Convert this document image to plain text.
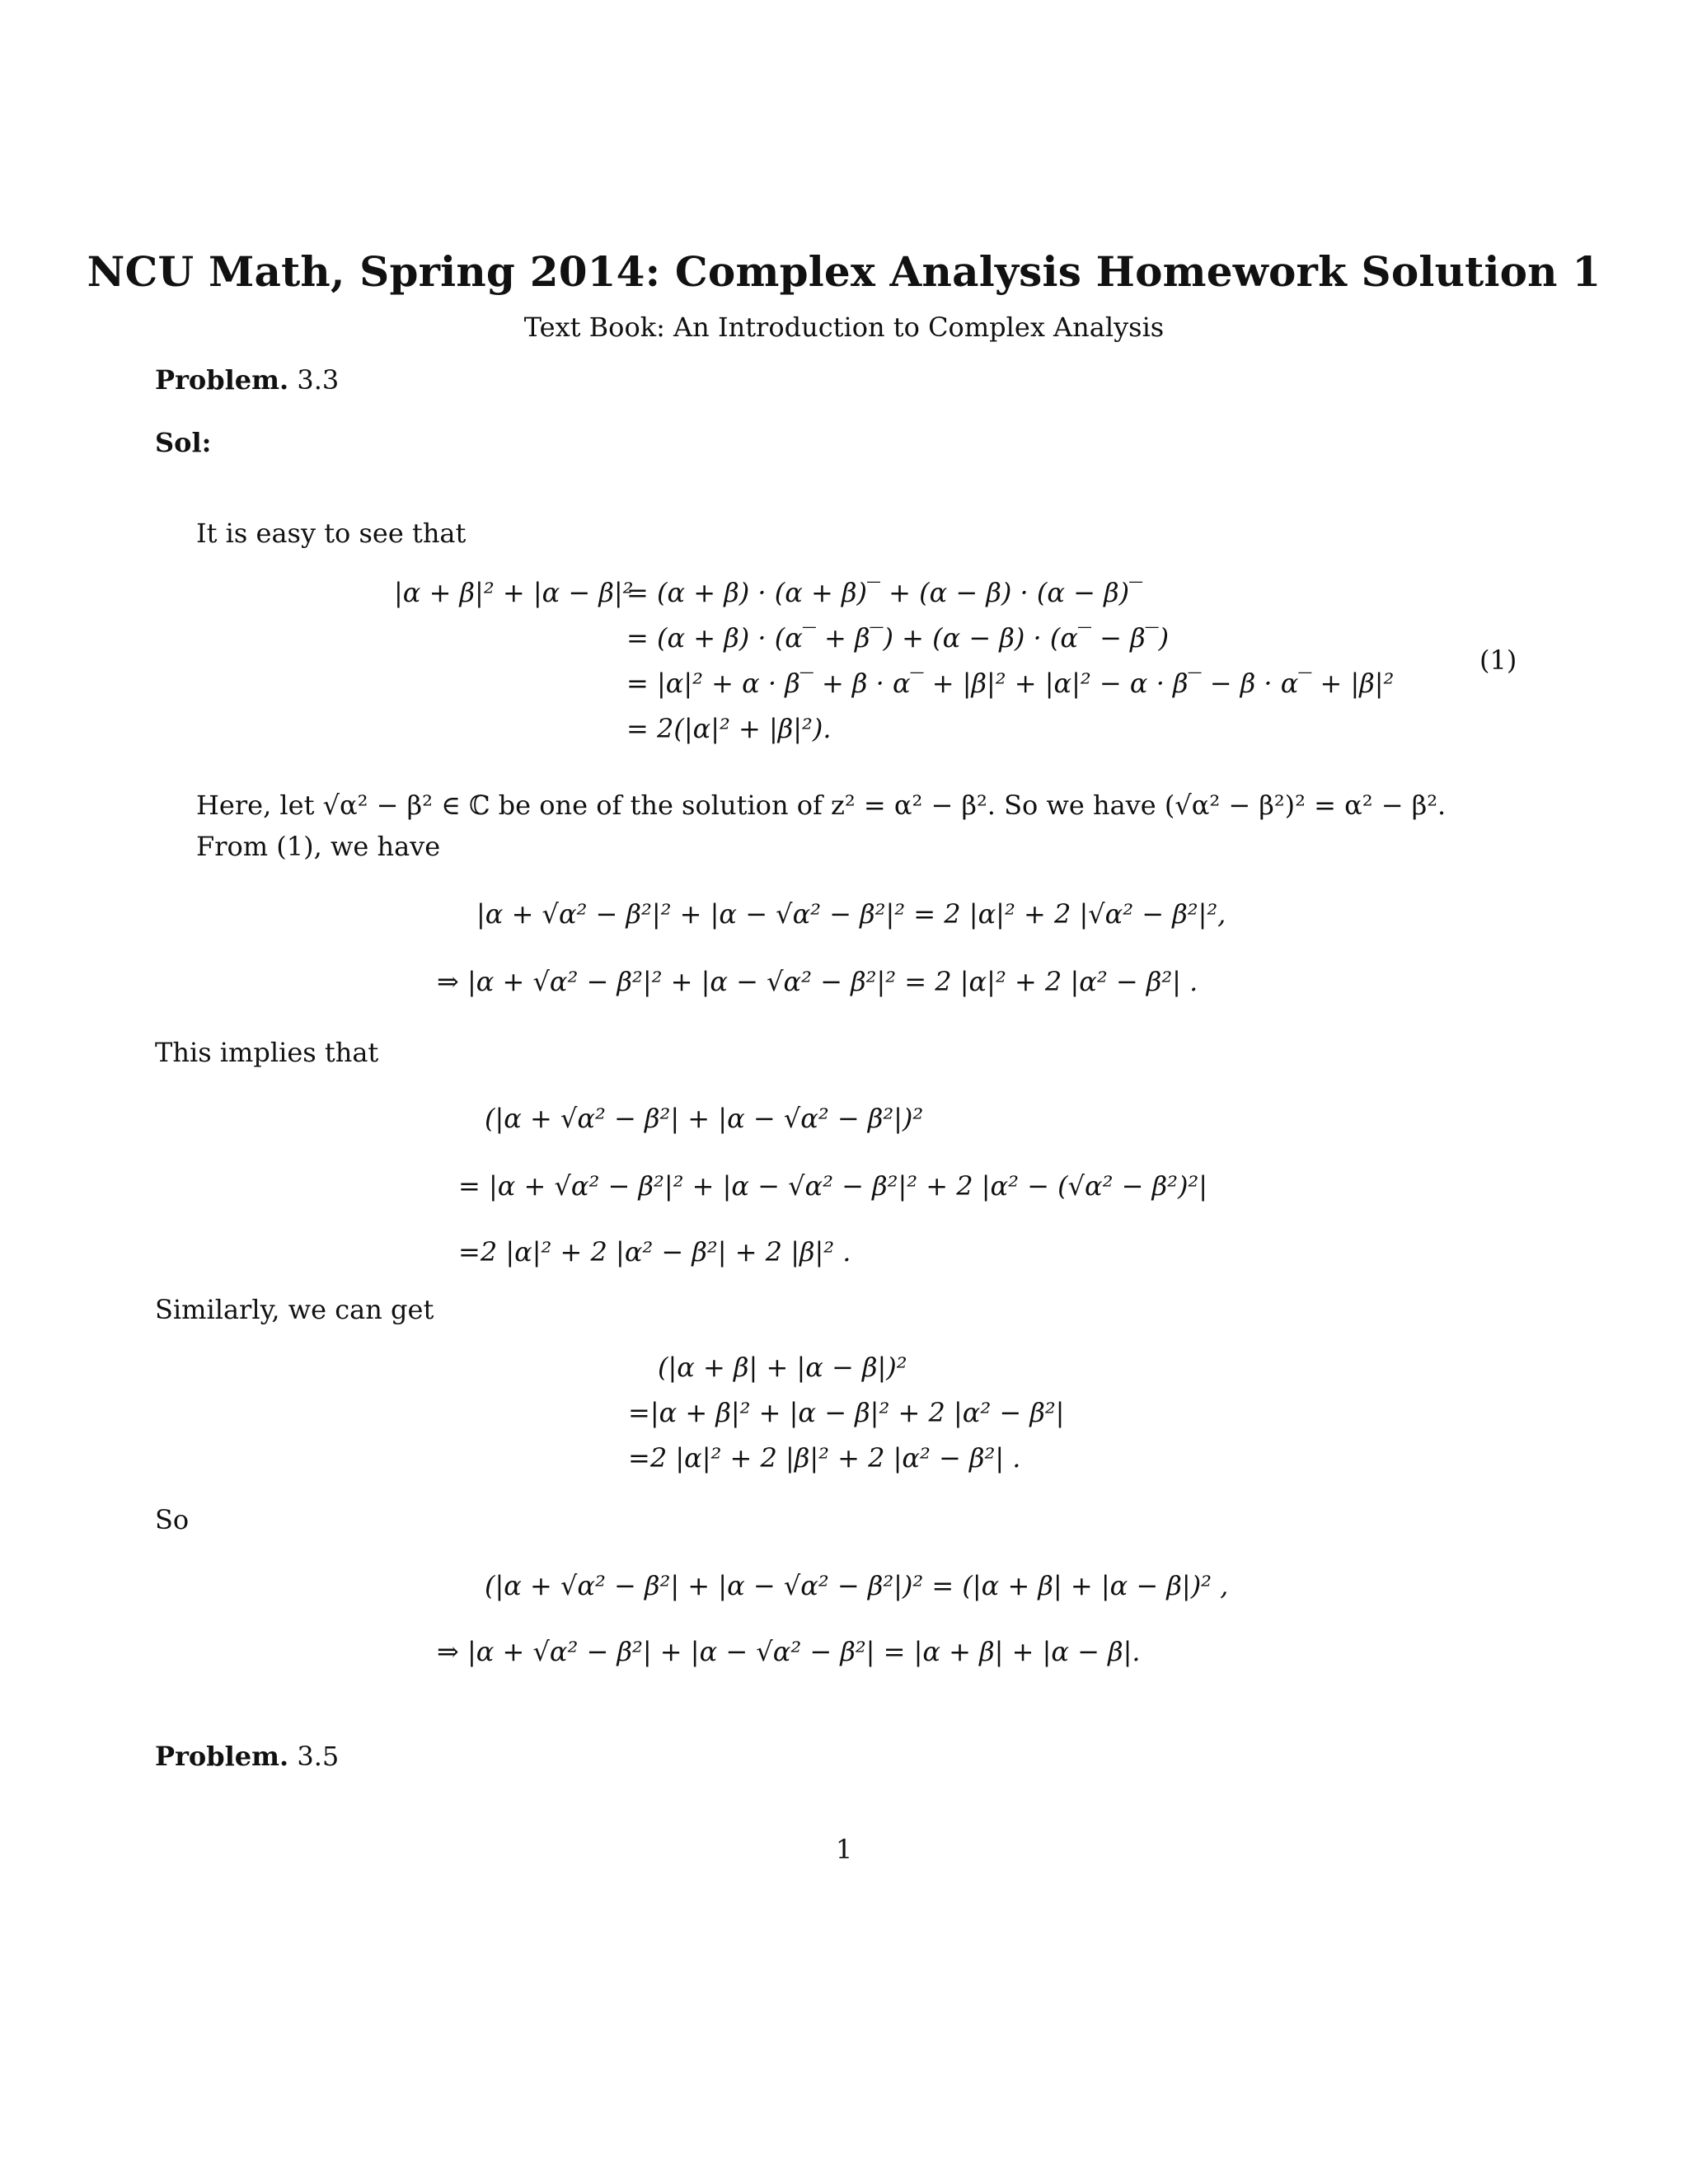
NCU Math, Spring 2014: Complex Analysis Homework Solution 1
Text Book: An Introduction to Complex Analysis
Problem. 3.3
Sol:
It is easy to see that
|α + β|² + |α − β|²
= (α + β) · (α + β)‾ + (α − β) · (α − β)‾
= (α + β) · (α‾ + β‾) + (α − β) · (α‾ − β‾)
= |α|² + α · β‾ + β · α‾ + |β|² + |α|² − α · β‾ − β · α‾ + |β|²
= 2(|α|² + |β|²).
(1)
Here, let √α² − β² ∈ ℂ be one of the solution of z² = α² − β². So we have (√α² − β²)² = α² − β².
From (1), we have
|α + √α² − β²|² + |α − √α² − β²|² = 2 |α|² + 2 |√α² − β²|²,
⇒ |α + √α² − β²|² + |α − √α² − β²|² = 2 |α|² + 2 |α² − β²| .
This implies that
(|α + √α² − β²| + |α − √α² − β²|)²
= |α + √α² − β²|² + |α − √α² − β²|² + 2 |α² − (√α² − β²)²|
=2 |α|² + 2 |α² − β²| + 2 |β|² .
Similarly, we can get
(|α + β| + |α − β|)²
=|α + β|² + |α − β|² + 2 |α² − β²|
=2 |α|² + 2 |β|² + 2 |α² − β²| .
So
(|α + √α² − β²| + |α − √α² − β²|)² = (|α + β| + |α − β|)² ,
⇒ |α + √α² − β²| + |α − √α² − β²| = |α + β| + |α − β|.
Problem. 3.5
1
